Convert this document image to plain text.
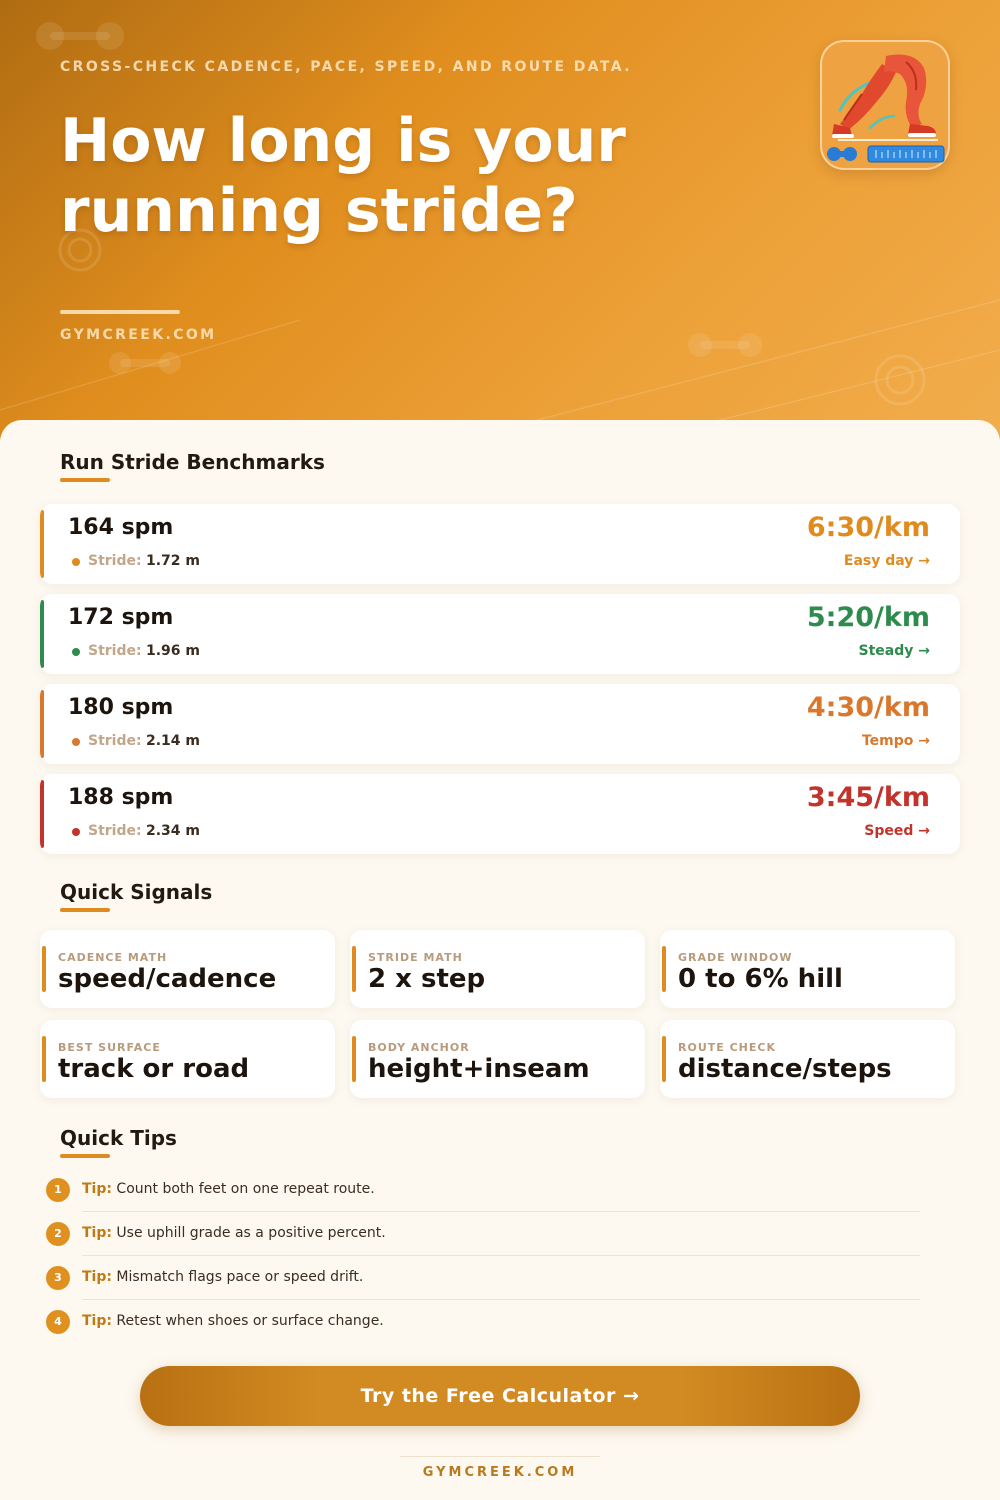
CROSS-CHECK CADENCE, PACE, SPEED, AND ROUTE DATA.
How long is your running stride?
GYMCREEK.COM
Run Stride Benchmarks
164 spm
Stride: 1.72 m
6:30/km
Easy day →
172 spm
Stride: 1.96 m
5:20/km
Steady →
180 spm
Stride: 2.14 m
4:30/km
Tempo →
188 spm
Stride: 2.34 m
3:45/km
Speed →
Quick Signals
CADENCE MATH
speed/cadence
STRIDE MATH
2 x step
GRADE WINDOW
0 to 6% hill
BEST SURFACE
track or road
BODY ANCHOR
height+inseam
ROUTE CHECK
distance/steps
Quick Tips
1	Tip: Count both feet on one repeat route.
2	Tip: Use uphill grade as a positive percent.
3	Tip: Mismatch flags pace or speed drift.
4	Tip: Retest when shoes or surface change.
Try the Free Calculator →
GYMCREEK.COM
